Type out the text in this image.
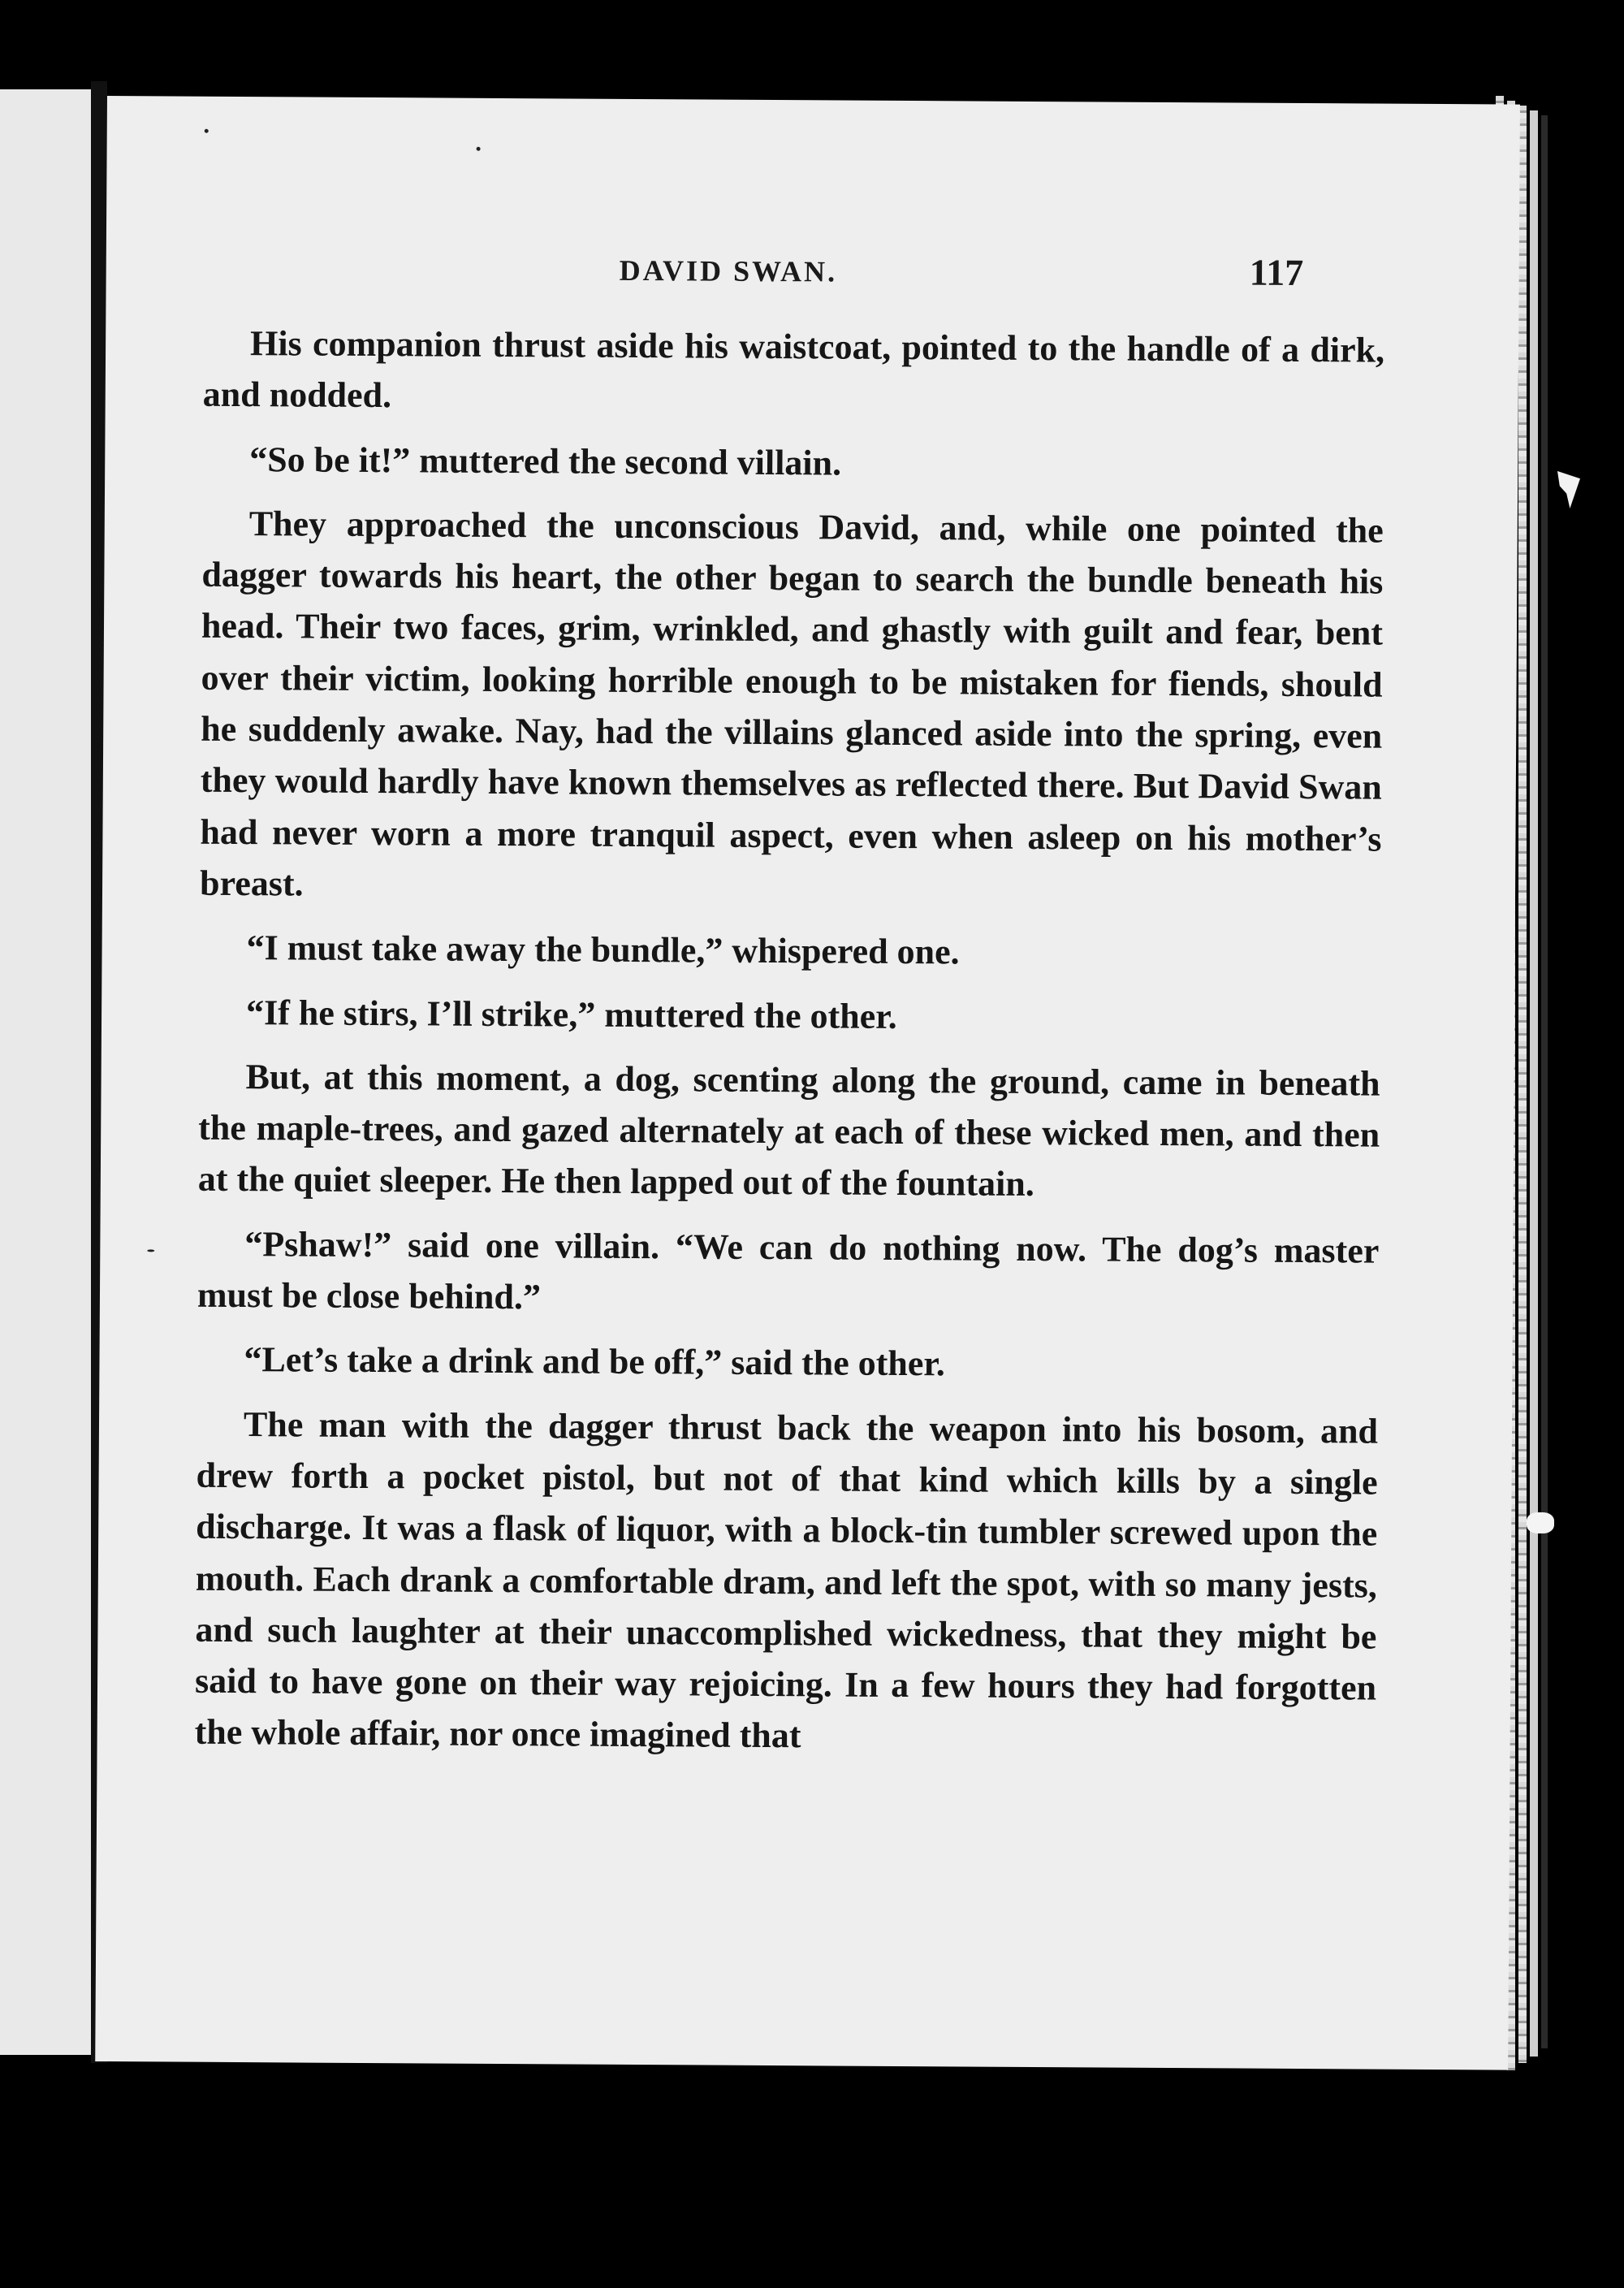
DAVID SWAN.	117

His companion thrust aside his waistcoat, pointed to the handle of a dirk, and nodded.

“So be it!” muttered the second villain.

They approached the unconscious David, and, while one pointed the dagger towards his heart, the other began to search the bundle beneath his head. Their two faces, grim, wrinkled, and ghastly with guilt and fear, bent over their victim, looking horrible enough to be mistaken for fiends, should he suddenly awake. Nay, had the villains glanced aside into the spring, even they would hardly have known themselves as reflected there. But David Swan had never worn a more tranquil aspect, even when asleep on his mother’s breast.

“I must take away the bundle,” whispered one.

“If he stirs, I’ll strike,” muttered the other.

But, at this moment, a dog, scenting along the ground, came in beneath the maple-trees, and gazed alternately at each of these wicked men, and then at the quiet sleeper. He then lapped out of the fountain.

“Pshaw!” said one villain. “We can do nothing now. The dog’s master must be close behind.”

“Let’s take a drink and be off,” said the other.

The man with the dagger thrust back the weapon into his bosom, and drew forth a pocket pistol, but not of that kind which kills by a single discharge. It was a flask of liquor, with a block-tin tumbler screwed upon the mouth. Each drank a comfortable dram, and left the spot, with so many jests, and such laughter at their unaccomplished wickedness, that they might be said to have gone on their way rejoicing. In a few hours they had forgotten the whole affair, nor once imagined that
